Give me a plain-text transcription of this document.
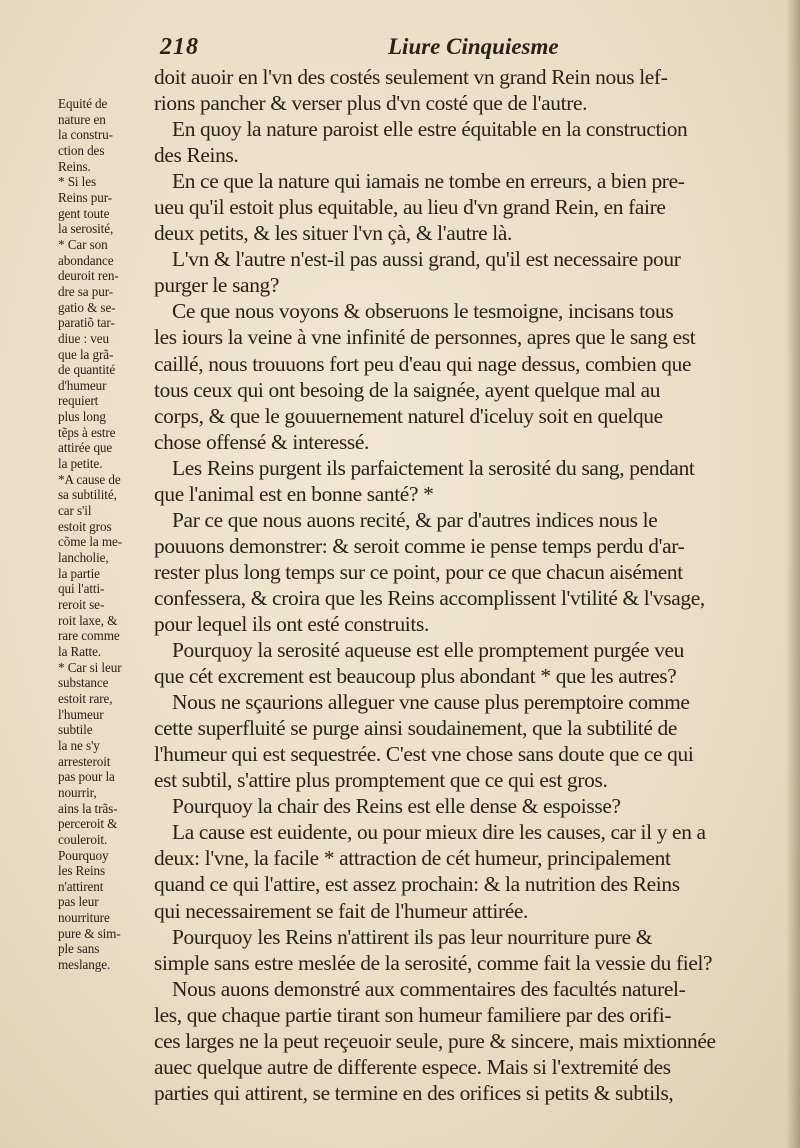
218	Liure Cinquiesme
Equité de
nature en
la constru-
ction des
Reins.
* Si les
Reins pur-
gent toute
la serosité,
* Car son
abondance
deuroit ren-
dre sa pur-
gatio & se-
paratiõ tar-
diue : veu
que la grã-
de quantité
d'humeur
requiert
plus long
tẽps à estre
attirée que
la petite.
*A cause de
sa subtilité,
car s'il
estoit gros
cõme la me-
lancholie,
la partie
qui l'atti-
reroit se-
roit laxe, &
rare comme
la Ratte.
* Car si leur
substance
estoit rare,
l'humeur
subtile
la ne s'y
arresteroit
pas pour la
nourrir,
ains la trãs-
perceroit &
couleroit.
Pourquoy
les Reins
n'attirent
pas leur
nourriture
pure & sim-
ple sans
meslange.
doit auoir en l'vn des costés seulement vn grand Rein nous lef-
rions pancher & verser plus d'vn costé que de l'autre.
En quoy la nature paroist elle estre équitable en la construction
des Reins.
En ce que la nature qui iamais ne tombe en erreurs, a bien pre-
ueu qu'il estoit plus equitable, au lieu d'vn grand Rein, en faire
deux petits, & les situer l'vn çà, & l'autre là.
L'vn & l'autre n'est-il pas aussi grand, qu'il est necessaire pour
purger le sang?
Ce que nous voyons & obseruons le tesmoigne, incisans tous
les iours la veine à vne infinité de personnes, apres que le sang est
caillé, nous trouuons fort peu d'eau qui nage dessus, combien que
tous ceux qui ont besoing de la saignée, ayent quelque mal au
corps, & que le gouuernement naturel d'iceluy soit en quelque
chose offensé & interessé.
Les Reins purgent ils parfaictement la serosité du sang, pendant
que l'animal est en bonne santé? *
Par ce que nous auons recité, & par d'autres indices nous le
pouuons demonstrer: & seroit comme ie pense temps perdu d'ar-
rester plus long temps sur ce point, pour ce que chacun aisément
confessera, & croira que les Reins accomplissent l'vtilité & l'vsage,
pour lequel ils ont esté construits.
Pourquoy la serosité aqueuse est elle promptement purgée veu
que cét excrement est beaucoup plus abondant * que les autres?
Nous ne sçaurions alleguer vne cause plus peremptoire comme
cette superfluité se purge ainsi soudainement, que la subtilité de
l'humeur qui est sequestrée. C'est vne chose sans doute que ce qui
est subtil, s'attire plus promptement que ce qui est gros.
Pourquoy la chair des Reins est elle dense & espoisse?
La cause est euidente, ou pour mieux dire les causes, car il y en a
deux: l'vne, la facile * attraction de cét humeur, principalement
quand ce qui l'attire, est assez prochain: & la nutrition des Reins
qui necessairement se fait de l'humeur attirée.
Pourquoy les Reins n'attirent ils pas leur nourriture pure &
simple sans estre meslée de la serosité, comme fait la vessie du fiel?
Nous auons demonstré aux commentaires des facultés naturel-
les, que chaque partie tirant son humeur familiere par des orifi-
ces larges ne la peut reçeuoir seule, pure & sincere, mais mixtionnée
auec quelque autre de differente espece. Mais si l'extremité des
parties qui attirent, se termine en des orifices si petits & subtils,
